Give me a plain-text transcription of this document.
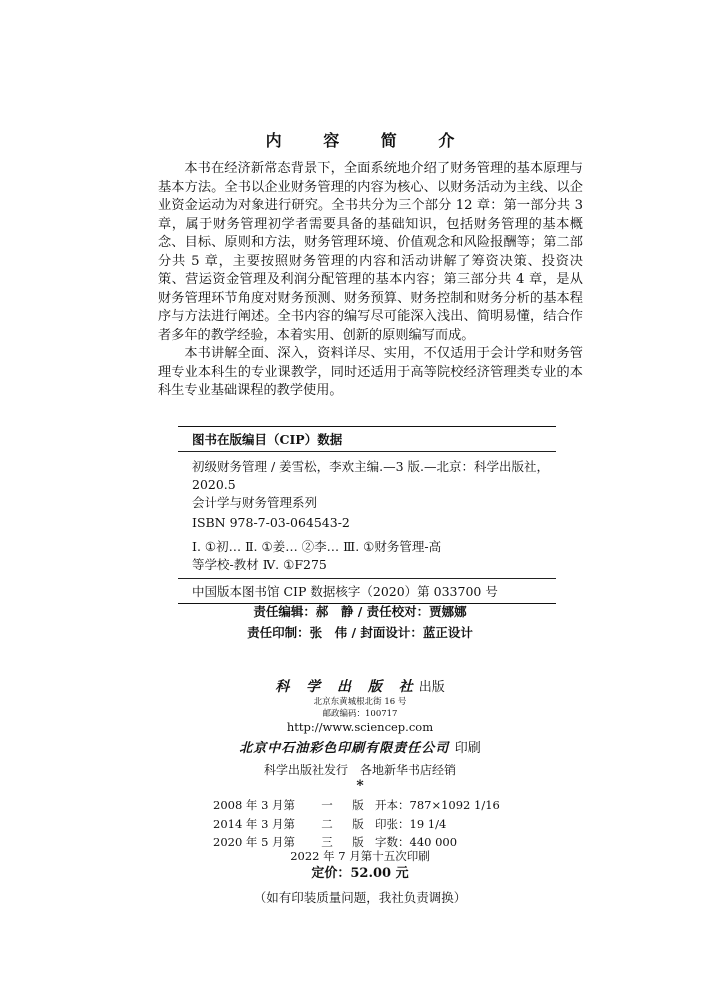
内 容 简 介

本书在经济新常态背景下，全面系统地介绍了财务管理的基本原理与基本方法。全书以企业财务管理的内容为核心、以财务活动为主线、以企业资金运动为对象进行研究。全书共分为三个部分 12 章：第一部分共 3 章，属于财务管理初学者需要具备的基础知识，包括财务管理的基本概念、目标、原则和方法，财务管理环境、价值观念和风险报酬等；第二部分共 5 章，主要按照财务管理的内容和活动讲解了筹资决策、投资决策、营运资金管理及利润分配管理的基本内容；第三部分共 4 章，是从财务管理环节角度对财务预测、财务预算、财务控制和财务分析的基本程序与方法进行阐述。全书内容的编写尽可能深入浅出、简明易懂，结合作者多年的教学经验，本着实用、创新的原则编写而成。

本书讲解全面、深入，资料详尽、实用，不仅适用于会计学和财务管理专业本科生的专业课教学，同时还适用于高等院校经济管理类专业的本科生专业基础课程的教学使用。

图书在版编目（CIP）数据
初级财务管理 / 姜雪松，李欢主编.—3 版.—北京：科学出版社，
2020.5
会计学与财务管理系列
ISBN 978-7-03-064543-2
Ⅰ. ①初… Ⅱ. ①姜… ②李… Ⅲ. ①财务管理-高
等学校-教材 Ⅳ. ①F275
中国版本图书馆 CIP 数据核字（2020）第 033700 号
责任编辑：郝　静 / 责任校对：贾娜娜
责任印制：张　伟 / 封面设计：蓝正设计
科 学 出 版 社出版
北京东黄城根北街 16 号
邮政编码：100717
http://www.sciencep.com
北京中石油彩色印刷有限责任公司 印刷
科学出版社发行　各地新华书店经销
*
2008 年 3 月第	一	版 开本：787×1092 1/16
2014 年 3 月第	二	版 印张：19 1/4
2020 年 5 月第	三	版 字数：440 000
2022 年 7 月第十五次印刷
定价：52.00 元
（如有印装质量问题，我社负责调换）
